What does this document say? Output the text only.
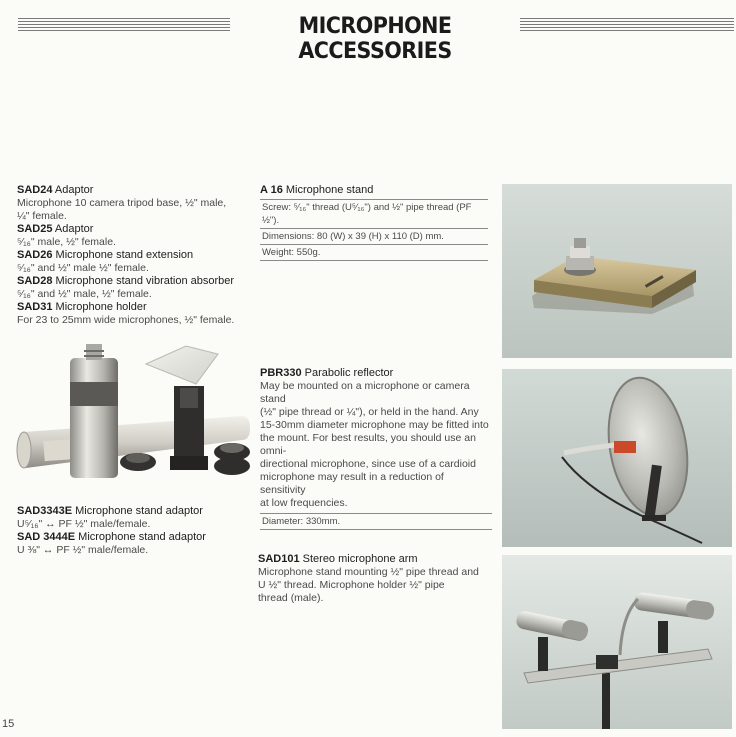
MICROPHONE ACCESSORIES
SAD24 Adaptor
Microphone 10 camera tripod base, ½" male,
¼" female.
SAD25 Adaptor
⁵⁄₁₆" male, ½" female.
SAD26 Microphone stand extension
⁵⁄₁₆" and ½" male ½" female.
SAD28 Microphone stand vibration absorber
⁵⁄₁₆" and ½" male, ½" female.
SAD31 Microphone holder
For 23 to 25mm wide microphones, ½" female.
SAD3343E Microphone stand adaptor
U⁵⁄₁₆" ↔ PF ½" male/female.
SAD 3444E Microphone stand adaptor
U ⅜" ↔ PF ½" male/female.
A 16 Microphone stand
Screw: ⁵⁄₁₆" thread (U⁵⁄₁₆") and ½" pipe thread (PF ½").
Dimensions: 80 (W) x 39 (H) x 110 (D) mm.
Weight: 550g.
PBR330 Parabolic reflector
May be mounted on a microphone or camera stand
(½" pipe thread or ¼"), or held in the hand. Any
15-30mm diameter microphone may be fitted into
the mount. For best results, you should use an omni-
directional microphone, since use of a cardioid
microphone may result in a reduction of sensitivity
at low frequencies.
Diameter: 330mm.
SAD101 Stereo microphone arm
Microphone stand mounting ½" pipe thread and
U ½" thread. Microphone holder ½" pipe
thread (male).
15
